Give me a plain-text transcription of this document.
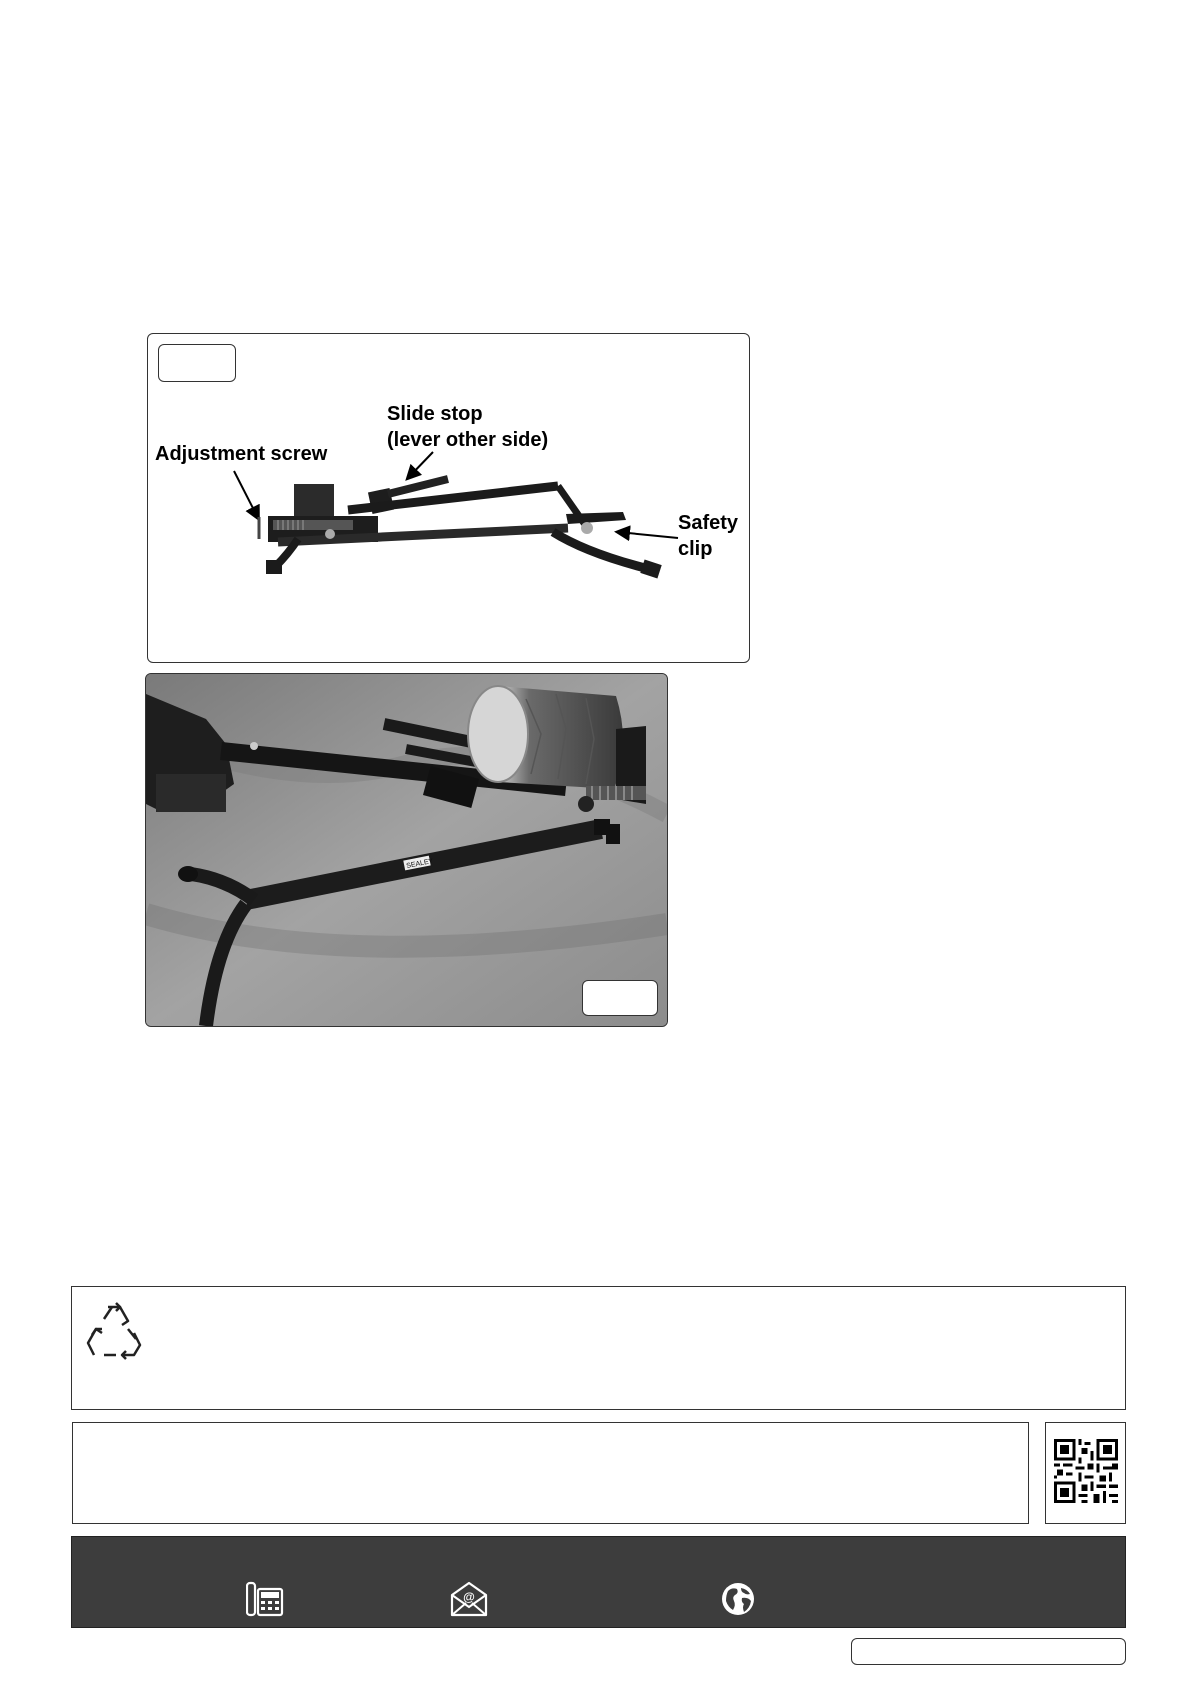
Adjustment screw
Slide stop
(lever other side)
Safety
clip
SEALEY
@
